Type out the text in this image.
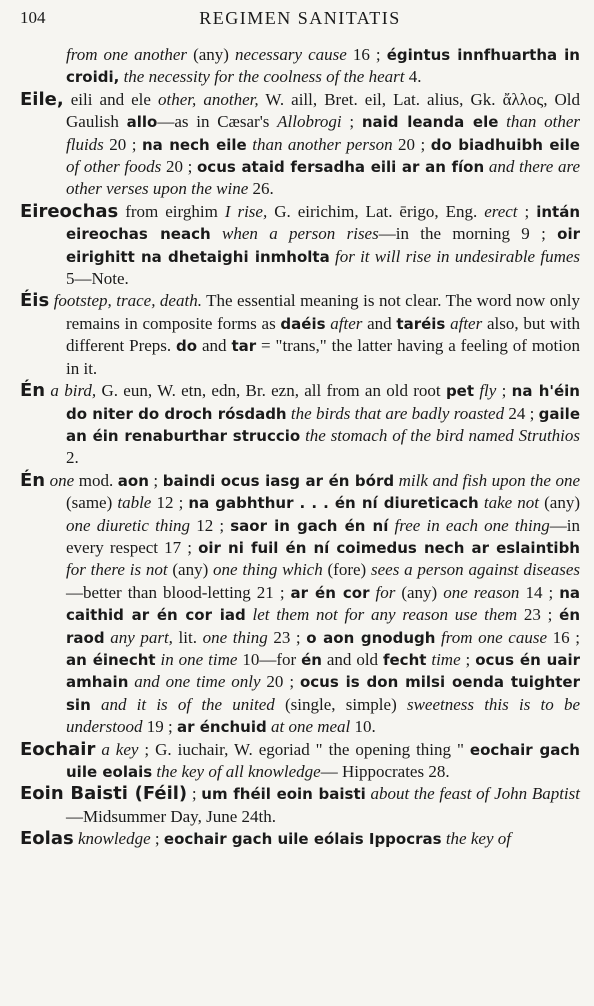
104	REGIMEN SANITATIS

from one another (any) necessary cause 16 ; égintus innfhuartha in croidi, the necessity for the coolness of the heart 4.

Eile, eili and ele other, another, W. aill, Bret. eil, Lat. alius, Gk. ἄλλος, Old Gaulish allo—as in Cæsar's Allobrogi ; naid leanda ele than other fluids 20 ; na nech eile than another person 20 ; do biadhuibh eile of other foods 20 ; ocus ataid fersadha eili ar an fíon and there are other verses upon the wine 26.

Eireochas from eirghim I rise, G. eirichim, Lat. ērigo, Eng. erect ; intán eireochas neach when a person rises—in the morning 9 ; oir eirighitt na dhetaighi inmholta for it will rise in undesirable fumes 5—Note.

Éis footstep, trace, death. The essential meaning is not clear. The word now only remains in composite forms as daéis after and taréis after also, but with different Preps. do and tar = "trans," the latter having a feeling of motion in it.

Én a bird, G. eun, W. etn, edn, Br. ezn, all from an old root pet fly ; na h'éin do niter do droch rósdadh the birds that are badly roasted 24 ; gaile an éin renaburthar struccio the stomach of the bird named Struthios 2.

Én one mod. aon ; baindi ocus iasg ar én bórd milk and fish upon the one (same) table 12 ; na gabhthur . . . én ní diureticach take not (any) one diuretic thing 12 ; saor in gach én ní free in each one thing—in every respect 17 ; oir ni fuil én ní coimedus nech ar eslaintibh for there is not (any) one thing which (fore) sees a person against diseases —better than blood-letting 21 ; ar én cor for (any) one reason 14 ; na caithid ar én cor iad let them not for any reason use them 23 ; én raod any part, lit. one thing 23 ; o aon gnodugh from one cause 16 ; an éinecht in one time 10—for én and old fecht time ; ocus én uair amhain and one time only 20 ; ocus is don milsi oenda tuighter sin and it is of the united (single, simple) sweetness this is to be understood 19 ; ar énchuid at one meal 10.

Eochair a key ; G. iuchair, W. egoriad " the opening thing " eochair gach uile eolais the key of all knowledge— Hippocrates 28.

Eoin Baisti (Féil) ; um fhéil eoin baisti about the feast of John Baptist—Midsummer Day, June 24th.

Eolas knowledge ; eochair gach uile eólais Ippocras the key of
